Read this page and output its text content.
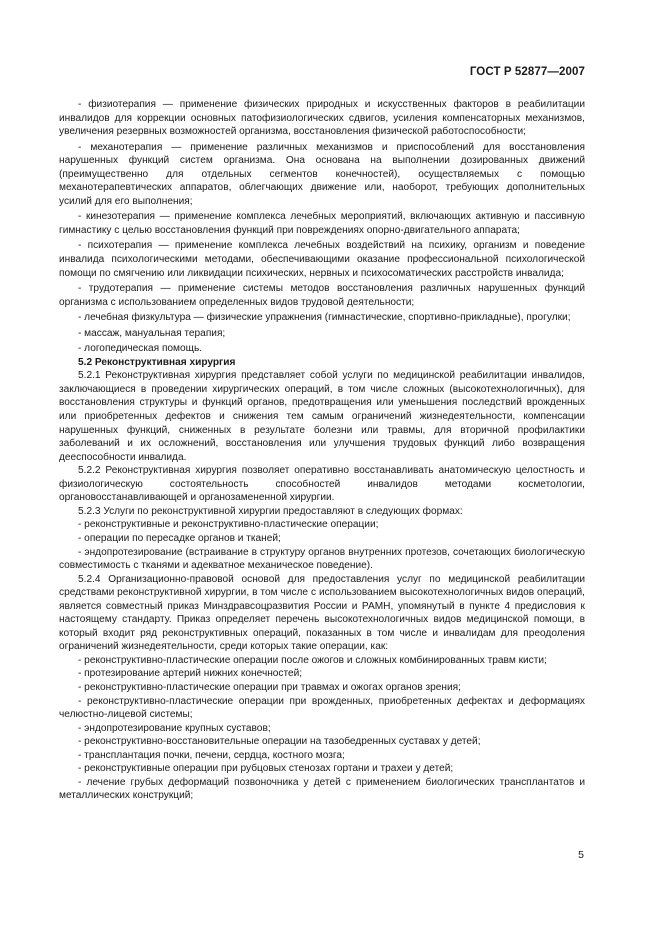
ГОСТ Р 52877—2007

- физиотерапия — применение физических природных и искусственных факторов в реабилитации инвалидов для коррекции основных патофизиологических сдвигов, усиления компенсаторных механизмов, увеличения резервных возможностей организма, восстановления физической работоспособности;

- механотерапия — применение различных механизмов и приспособлений для восстановления нарушенных функций систем организма. Она основана на выполнении дозированных движений (преимущественно для отдельных сегментов конечностей), осуществляемых с помощью механотерапевтических аппаратов, облегчающих движение или, наоборот, требующих дополнительных усилий для его выполнения;

- кинезотерапия — применение комплекса лечебных мероприятий, включающих активную и пассивную гимнастику с целью восстановления функций при повреждениях опорно-двигательного аппарата;

- психотерапия — применение комплекса лечебных воздействий на психику, организм и поведение инвалида психологическими методами, обеспечивающими оказание профессиональной психологической помощи по смягчению или ликвидации психических, нервных и психосоматических расстройств инвалида;

- трудотерапия — применение системы методов восстановления различных нарушенных функций организма с использованием определенных видов трудовой деятельности;

- лечебная физкультура — физические упражнения (гимнастические, спортивно-прикладные), прогулки;

- массаж, мануальная терапия;

- логопедическая помощь.

5.2 Реконструктивная хирургия

5.2.1 Реконструктивная хирургия представляет собой услуги по медицинской реабилитации инвалидов, заключающиеся в проведении хирургических операций, в том числе сложных (высокотехнологичных), для восстановления структуры и функций органов, предотвращения или уменьшения последствий врожденных или приобретенных дефектов и снижения тем самым ограничений жизнедеятельности, компенсации нарушенных функций, сниженных в результате болезни или травмы, для вторичной профилактики заболеваний и их осложнений, восстановления или улучшения трудовых функций либо возвращения дееспособности инвалида.

5.2.2 Реконструктивная хирургия позволяет оперативно восстанавливать анатомическую целостность и физиологическую состоятельность способностей инвалидов методами косметологии, органовосстанавливающей и органозамененной хирургии.

5.2.3 Услуги по реконструктивной хирургии предоставляют в следующих формах:

- реконструктивные и реконструктивно-пластические операции;

- операции по пересадке органов и тканей;

- эндопротезирование (встраивание в структуру органов внутренних протезов, сочетающих биологическую совместимость с тканями и адекватное механическое поведение).

5.2.4 Организационно-правовой основой для предоставления услуг по медицинской реабилитации средствами реконструктивной хирургии, в том числе с использованием высокотехнологичных видов операций, является совместный приказ Минздравсоцразвития России и РАМН, упомянутый в пункте 4 предисловия к настоящему стандарту. Приказ определяет перечень высокотехнологичных видов медицинской помощи, в который входит ряд реконструктивных операций, показанных в том числе и инвалидам для преодоления ограничений жизнедеятельности, среди которых такие операции, как:

- реконструктивно-пластические операции после ожогов и сложных комбинированных травм кисти;

- протезирование артерий нижних конечностей;

- реконструктивно-пластические операции при травмах и ожогах органов зрения;

- реконструктивно-пластические операции при врожденных, приобретенных дефектах и деформациях челюстно-лицевой системы;

- эндопротезирование крупных суставов;

- реконструктивно-восстановительные операции на тазобедренных суставах у детей;

- трансплантация почки, печени, сердца, костного мозга;

- реконструктивные операции при рубцовых стенозах гортани и трахеи у детей;

- лечение грубых деформаций позвоночника у детей с применением биологических трансплантатов и металлических конструкций;

5
